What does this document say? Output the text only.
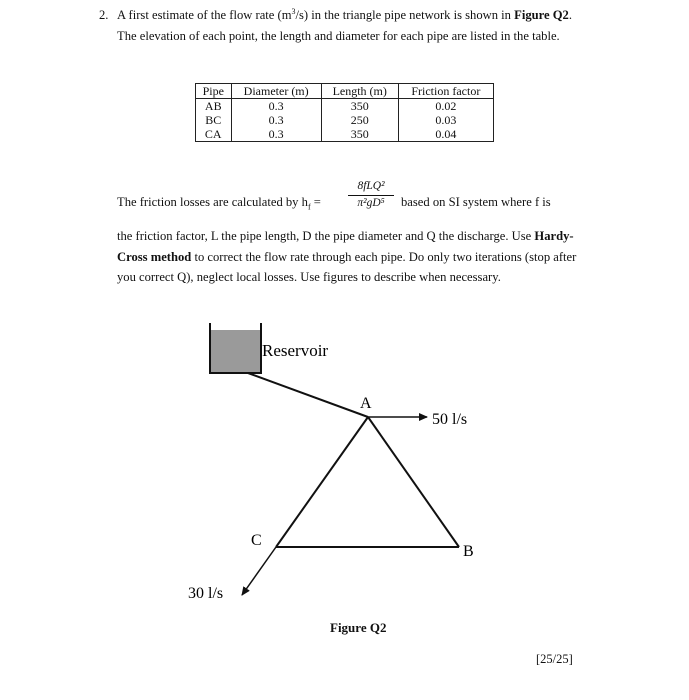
2. A first estimate of the flow rate $(m^3/s)$ in the triangle pipe network is shown in Figure Q2. The elevation of each point, the length and diameter for each pipe are listed in the table.
Pipe	Diameter (m)	Length (m)	Friction factor
AB	0.3	350	0.02
BC	0.3	250	0.03
CA	0.3	350	0.04
The friction losses are calculated by $h_f$ =
8fLQ²
π²gD⁵	based on SI system where f is
the friction factor, L the pipe length, D the pipe diameter and Q the discharge. Use Hardy-Cross method to correct the flow rate through each pipe. Do only two iterations (stop after you correct Q), neglect local losses. Use figures to describe when necessary.
Reservoir
A
B
C
50 l/s
30 l/s
Figure Q2
[25/25]
